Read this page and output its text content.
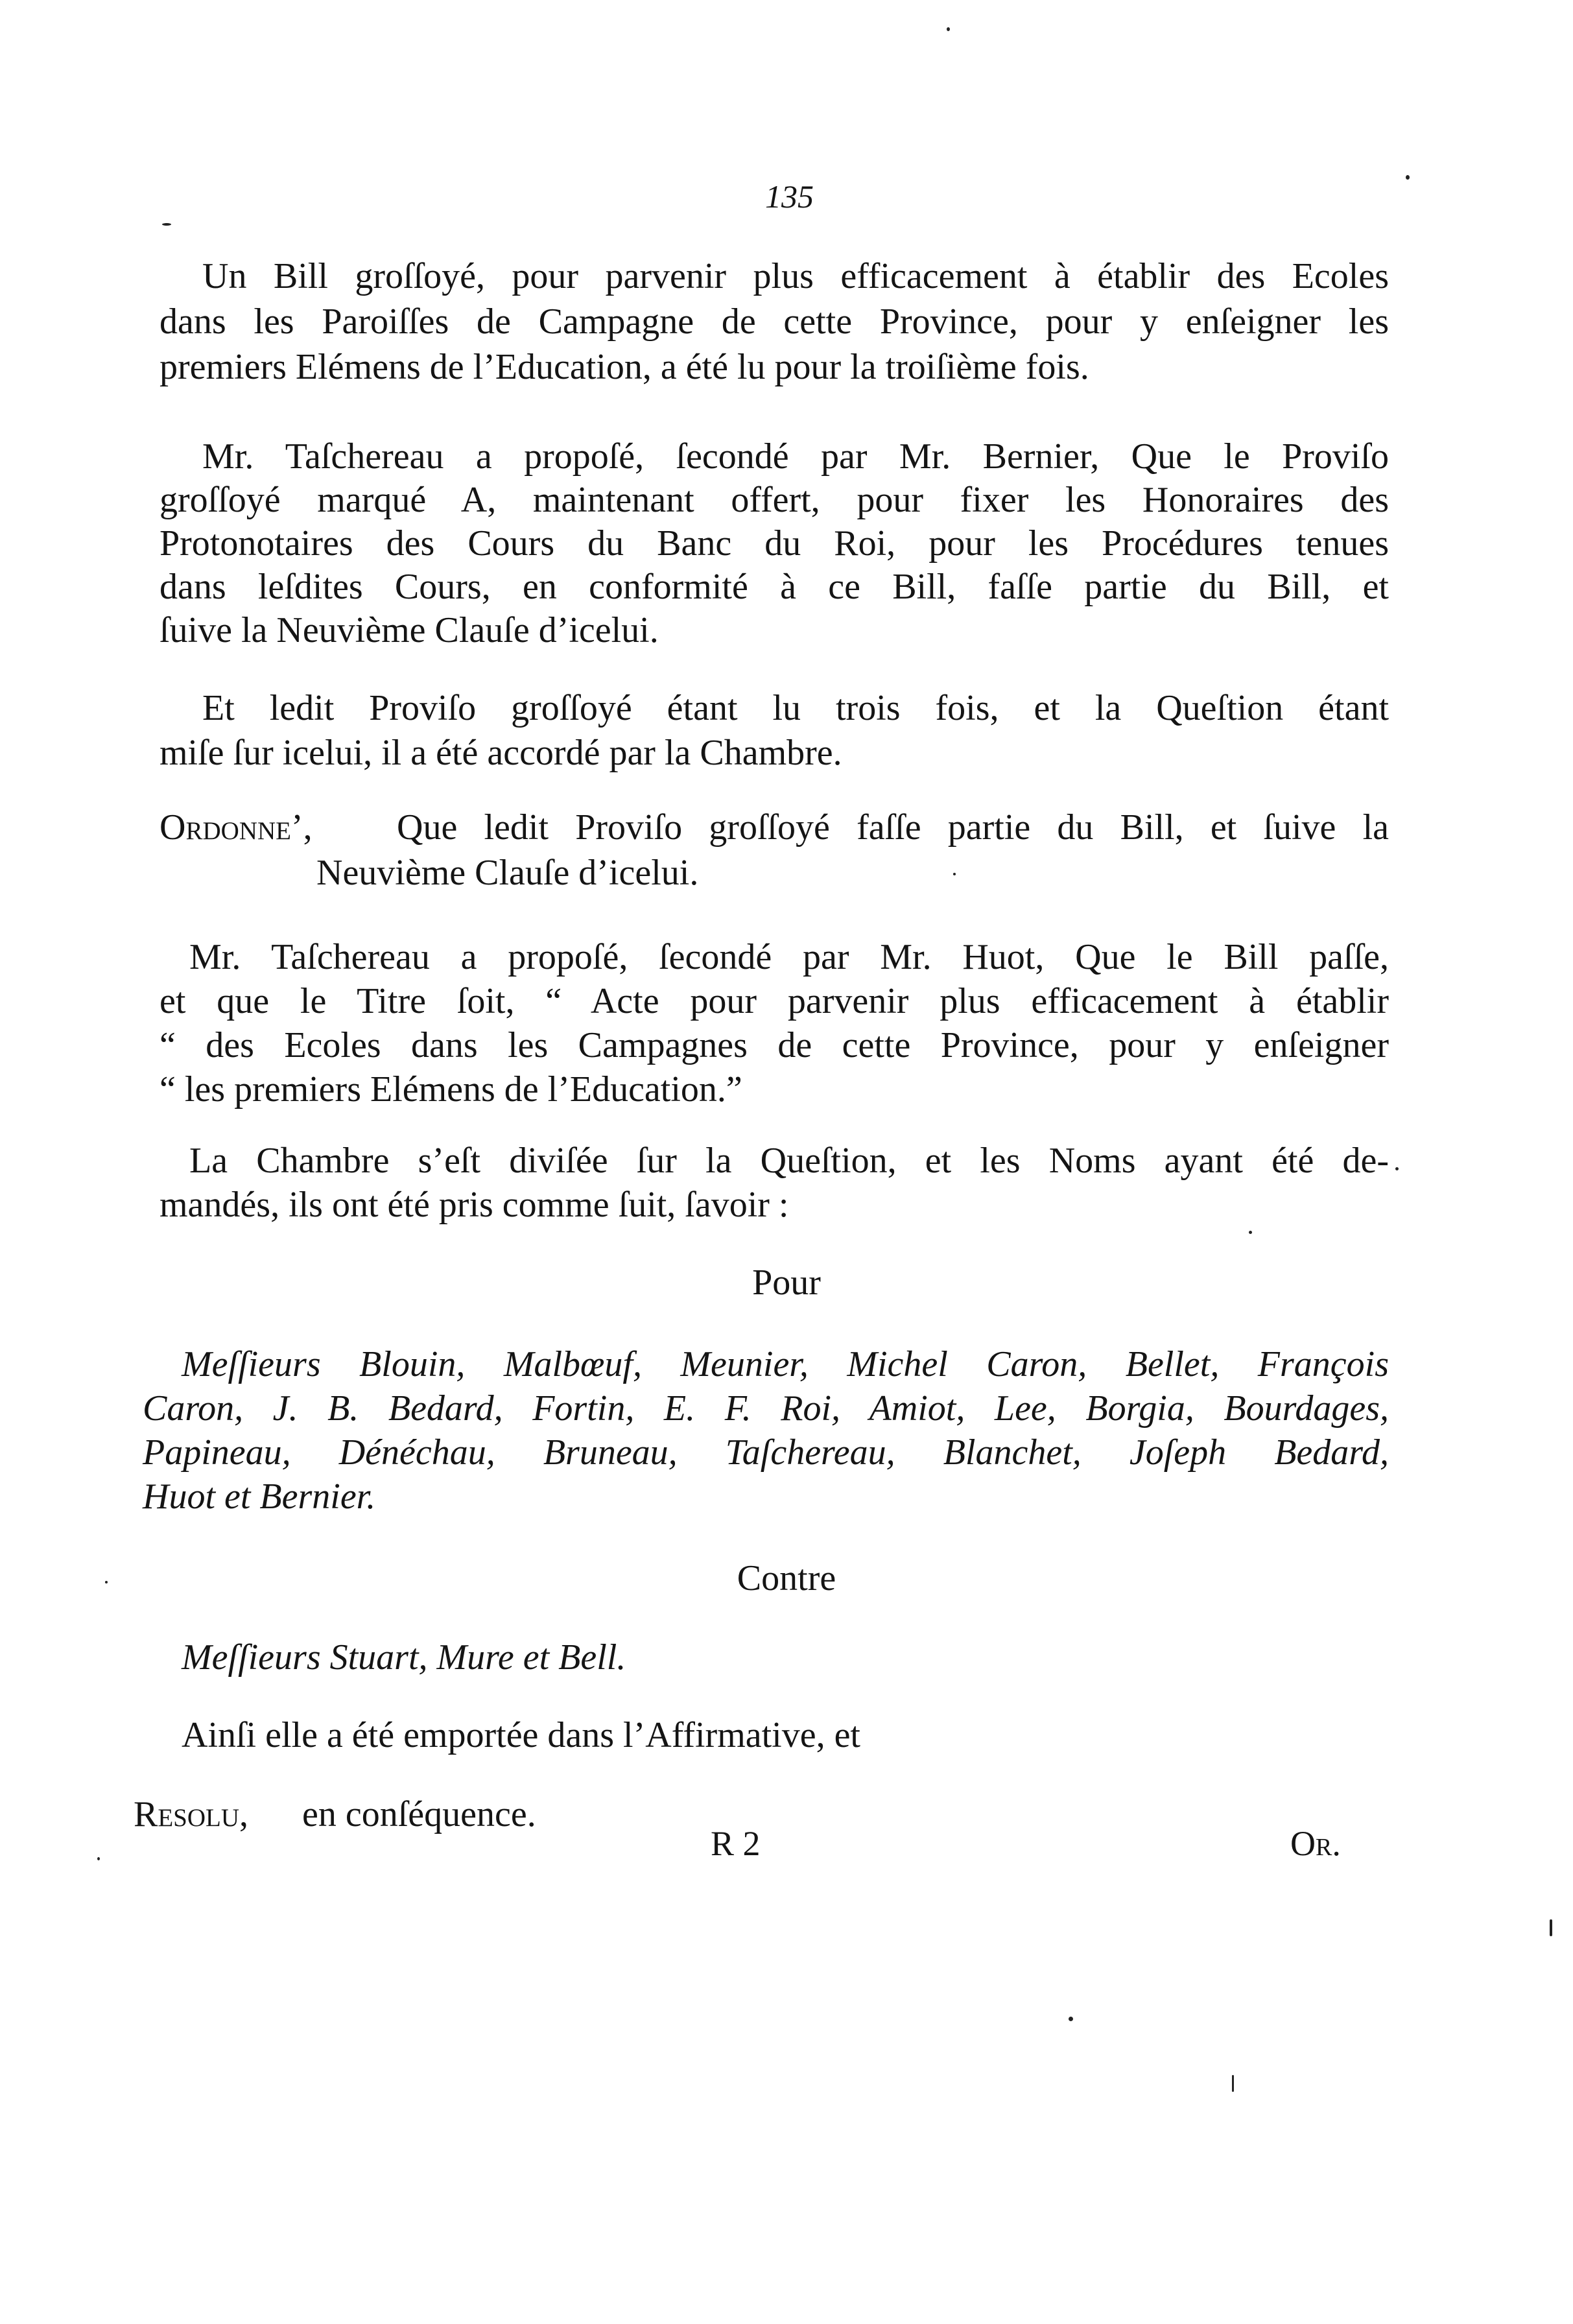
135
Un Bill groſſoyé, pour parvenir plus efficacement à établir des Ecoles
dans les Paroiſſes de Campagne de cette Province, pour y enſeigner les
premiers Elémens de l’Education, a été lu pour la troiſième fois.
Mr. Taſchereau a propoſé, ſecondé par Mr. Bernier, Que le Proviſo
groſſoyé marqué A, maintenant offert, pour fixer les Honoraires des
Protonotaires des Cours du Banc du Roi, pour les Procédures tenues
dans leſdites Cours, en conformité à ce Bill, faſſe partie du Bill, et
ſuive la Neuvième Clauſe d’icelui.
Et ledit Proviſo groſſoyé étant lu trois fois, et la Queſtion étant
miſe ſur icelui, il a été accordé par la Chambre.
Ordonne’, Que ledit Proviſo groſſoyé faſſe partie du Bill, et ſuive la
Neuvième Clauſe d’icelui.
Mr. Taſchereau a propoſé, ſecondé par Mr. Huot, Que le Bill paſſe,
et que le Titre ſoit, “ Acte pour parvenir plus efficacement à établir
“ des Ecoles dans les Campagnes de cette Province, pour y enſeigner
“ les premiers Elémens de l’Education.”
La Chambre s’eſt diviſée ſur la Queſtion, et les Noms ayant été de-
mandés, ils ont été pris comme ſuit, ſavoir :
Pour
Meſſieurs Blouin, Malbœuf, Meunier, Michel Caron, Bellet, François
Caron, J. B. Bedard, Fortin, E. F. Roi, Amiot, Lee, Borgia, Bourdages,
Papineau, Dénéchau, Bruneau, Taſchereau, Blanchet, Joſeph Bedard,
Huot et Bernier.
Contre
Meſſieurs Stuart, Mure et Bell.
Ainſi elle a été emportée dans l’Affirmative, et
Resolu, en conſéquence.
R 2	Or.
